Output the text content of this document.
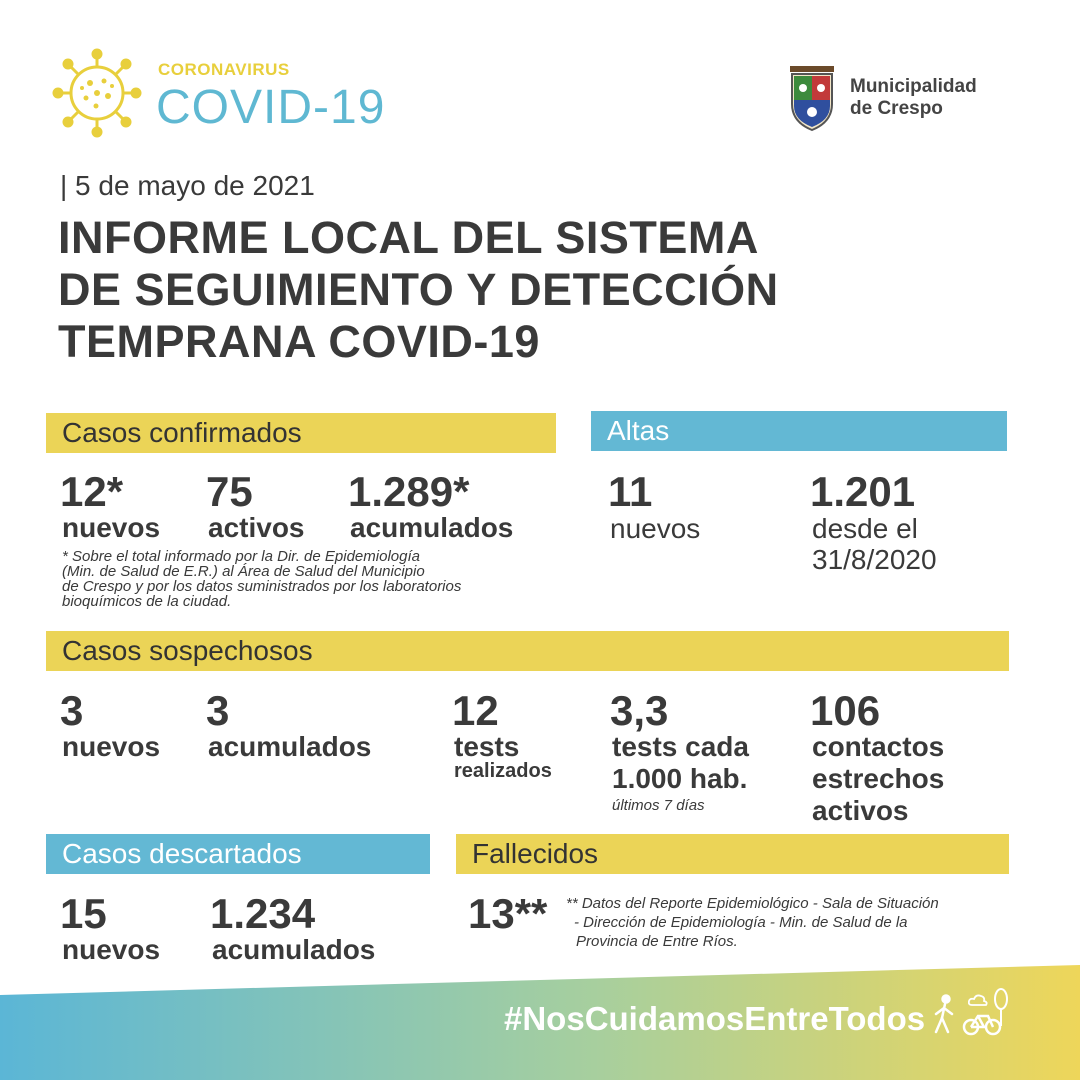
CORONAVIRUS
COVID-19	Municipalidad
de Crespo
| 5 de mayo de 2021
INFORME LOCAL DEL SISTEMA
DE SEGUIMIENTO Y DETECCIÓN
TEMPRANA COVID-19
Casos confirmados
12*
nuevos
75
activos
1.289*
acumulados
* Sobre el total informado por la Dir. de Epidemiología
(Min. de Salud de E.R.) al Área de Salud del Municipio
de Crespo y por los datos suministrados por los laboratorios
bioquímicos de la ciudad.
Altas
11
nuevos
1.201
desde el
31/8/2020
Casos sospechosos
3
nuevos
3
acumulados
12
tests
realizados
3,3
tests cada
1.000 hab.
últimos 7 días
106
contactos
estrechos
activos
Casos descartados
15
nuevos
1.234
acumulados
Fallecidos
13** ** Datos del Reporte Epidemiológico - Sala de Situación
- Dirección de Epidemiología - Min. de Salud de la
Provincia de Entre Ríos.
#NosCuidamosEntreTodos
